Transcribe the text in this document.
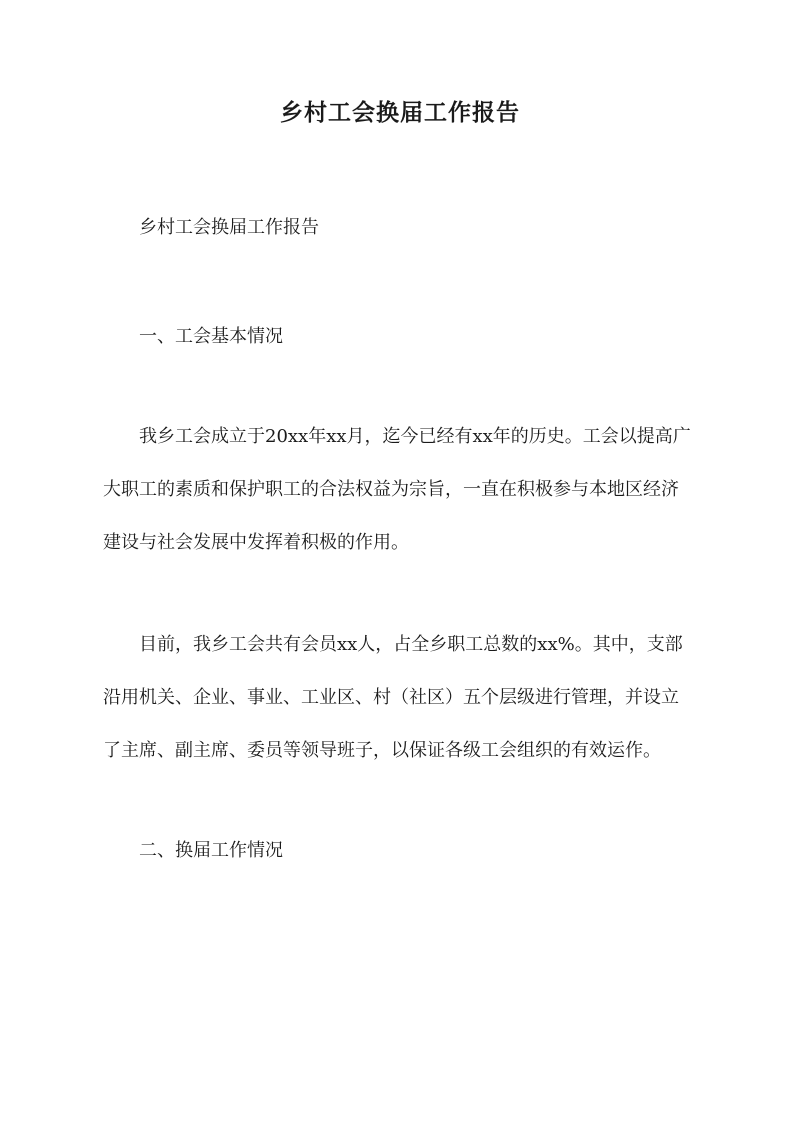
乡村工会换届工作报告

乡村工会换届工作报告

一、工会基本情况

我乡工会成立于20xx年xx月，迄今已经有xx年的历史。工会以提高广
大职工的素质和保护职工的合法权益为宗旨，一直在积极参与本地区经济
建设与社会发展中发挥着积极的作用。

目前，我乡工会共有会员xx人，占全乡职工总数的xx%。其中，支部
沿用机关、企业、事业、工业区、村（社区）五个层级进行管理，并设立
了主席、副主席、委员等领导班子，以保证各级工会组织的有效运作。

二、换届工作情况
